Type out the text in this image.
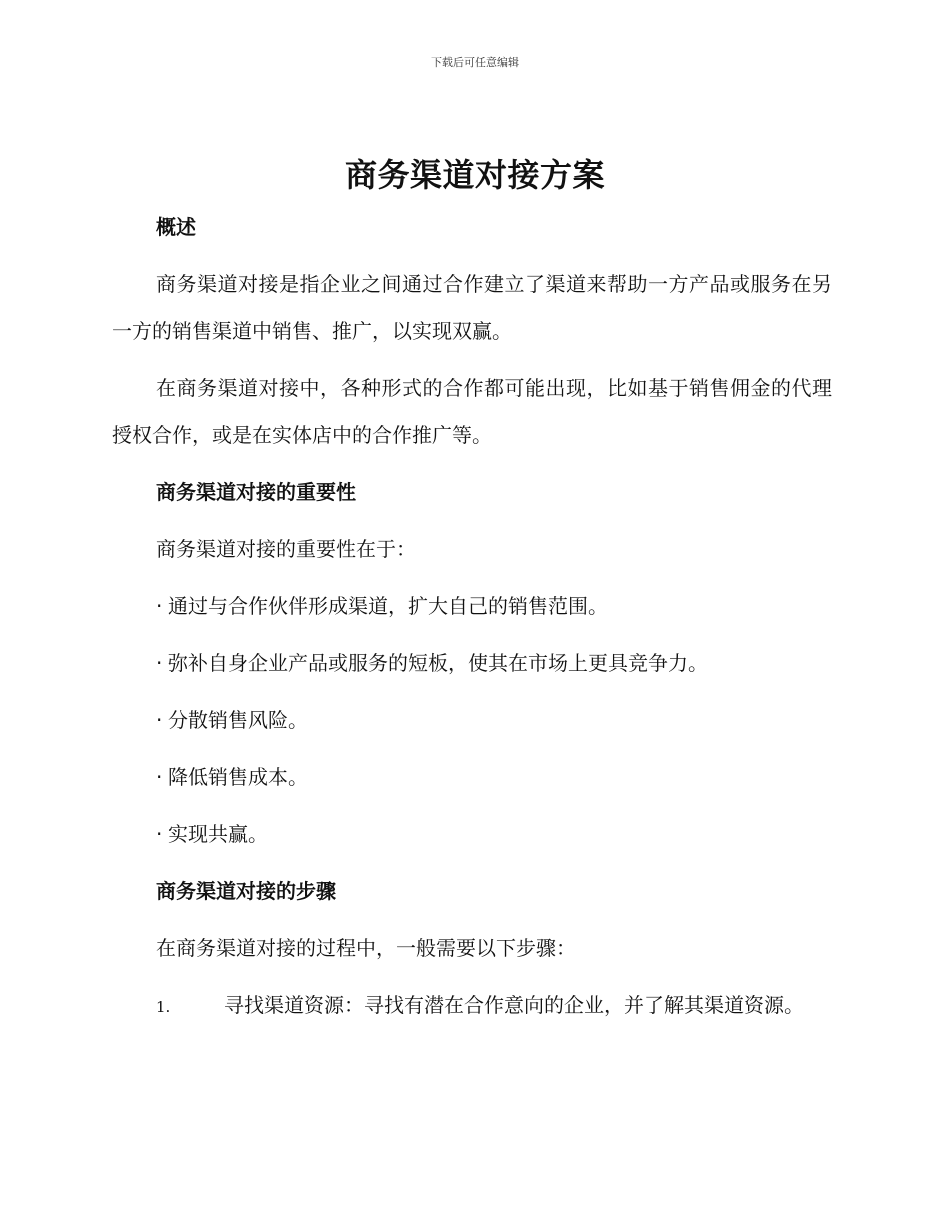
下载后可任意编辑
商务渠道对接方案
概述

商务渠道对接是指企业之间通过合作建立了渠道来帮助一方产品或服务在另一方的销售渠道中销售、推广，以实现双赢。

在商务渠道对接中，各种形式的合作都可能出现，比如基于销售佣金的代理授权合作，或是在实体店中的合作推广等。

商务渠道对接的重要性

商务渠道对接的重要性在于：

· 通过与合作伙伴形成渠道，扩大自己的销售范围。
· 弥补自身企业产品或服务的短板，使其在市场上更具竞争力。
· 分散销售风险。
· 降低销售成本。
· 实现共赢。
商务渠道对接的步骤

在商务渠道对接的过程中，一般需要以下步骤：

1.	寻找渠道资源：寻找有潜在合作意向的企业，并了解其渠道资源。
